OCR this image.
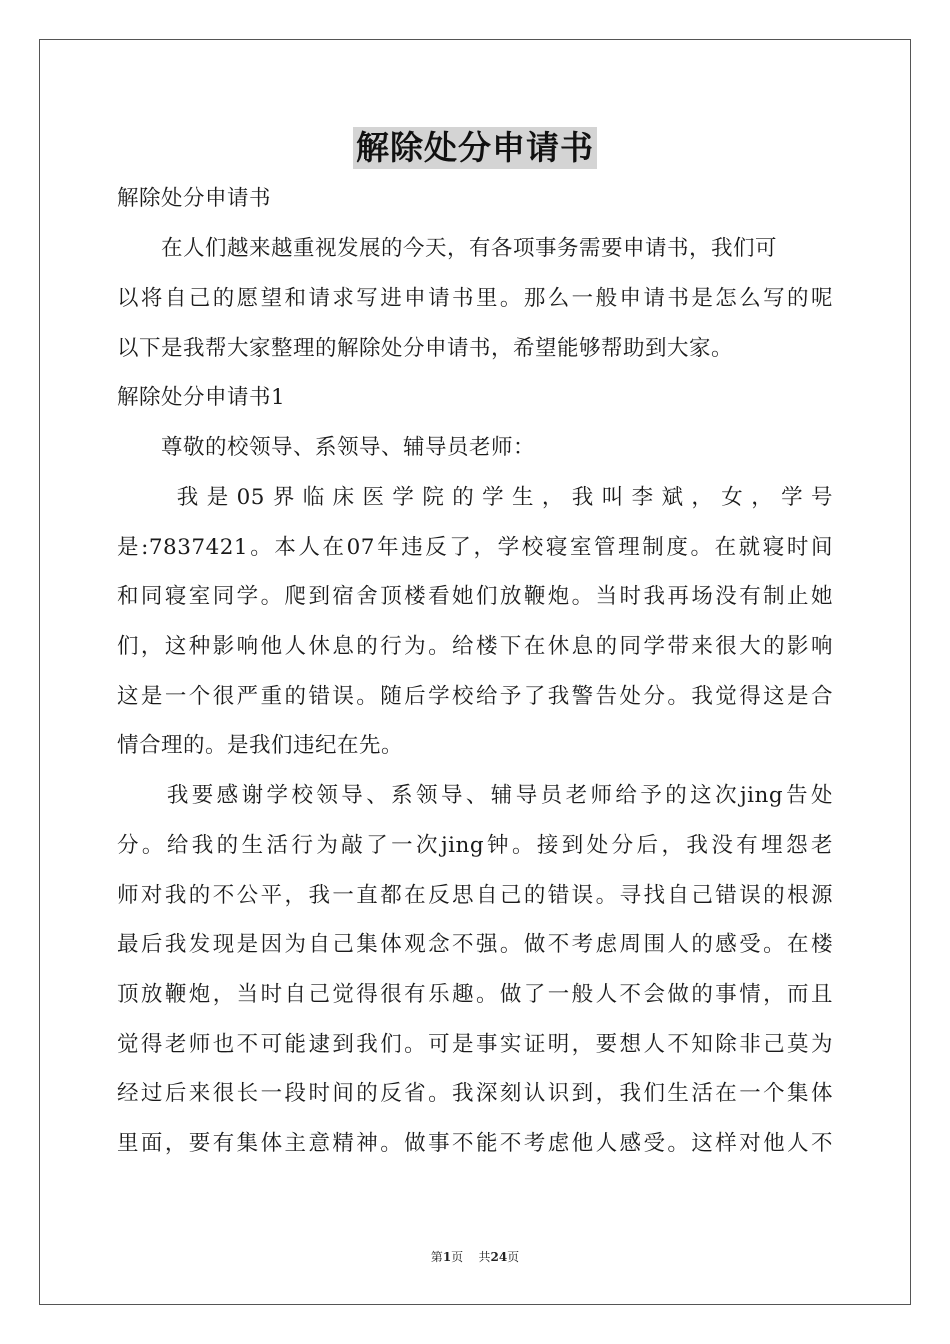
解除处分申请书
解除处分申请书
　　在人们越来越重视发展的今天，有各项事务需要申请书，我们可
以将自己的愿望和请求写进申请书里。那么一般申请书是怎么写的呢
以下是我帮大家整理的解除处分申请书，希望能够帮助到大家。
解除处分申请书1
　　尊敬的校领导、系领导、辅导员老师：
　　我是05界临床医学院的学生，我叫李斌，女，学号
是:7837421。本人在07年违反了，学校寝室管理制度。在就寝时间
和同寝室同学。爬到宿舍顶楼看她们放鞭炮。当时我再场没有制止她
们，这种影响他人休息的行为。给楼下在休息的同学带来很大的影响
这是一个很严重的错误。随后学校给予了我警告处分。我觉得这是合
情合理的。是我们违纪在先。
　　我要感谢学校领导、系领导、辅导员老师给予的这次jing告处
分。给我的生活行为敲了一次jing钟。接到处分后，我没有埋怨老
师对我的不公平，我一直都在反思自己的错误。寻找自己错误的根源
最后我发现是因为自己集体观念不强。做不考虑周围人的感受。在楼
顶放鞭炮，当时自己觉得很有乐趣。做了一般人不会做的事情，而且
觉得老师也不可能逮到我们。可是事实证明，要想人不知除非己莫为
经过后来很长一段时间的反省。我深刻认识到，我们生活在一个集体
里面，要有集体主意精神。做事不能不考虑他人感受。这样对他人不
第1页 共24页
